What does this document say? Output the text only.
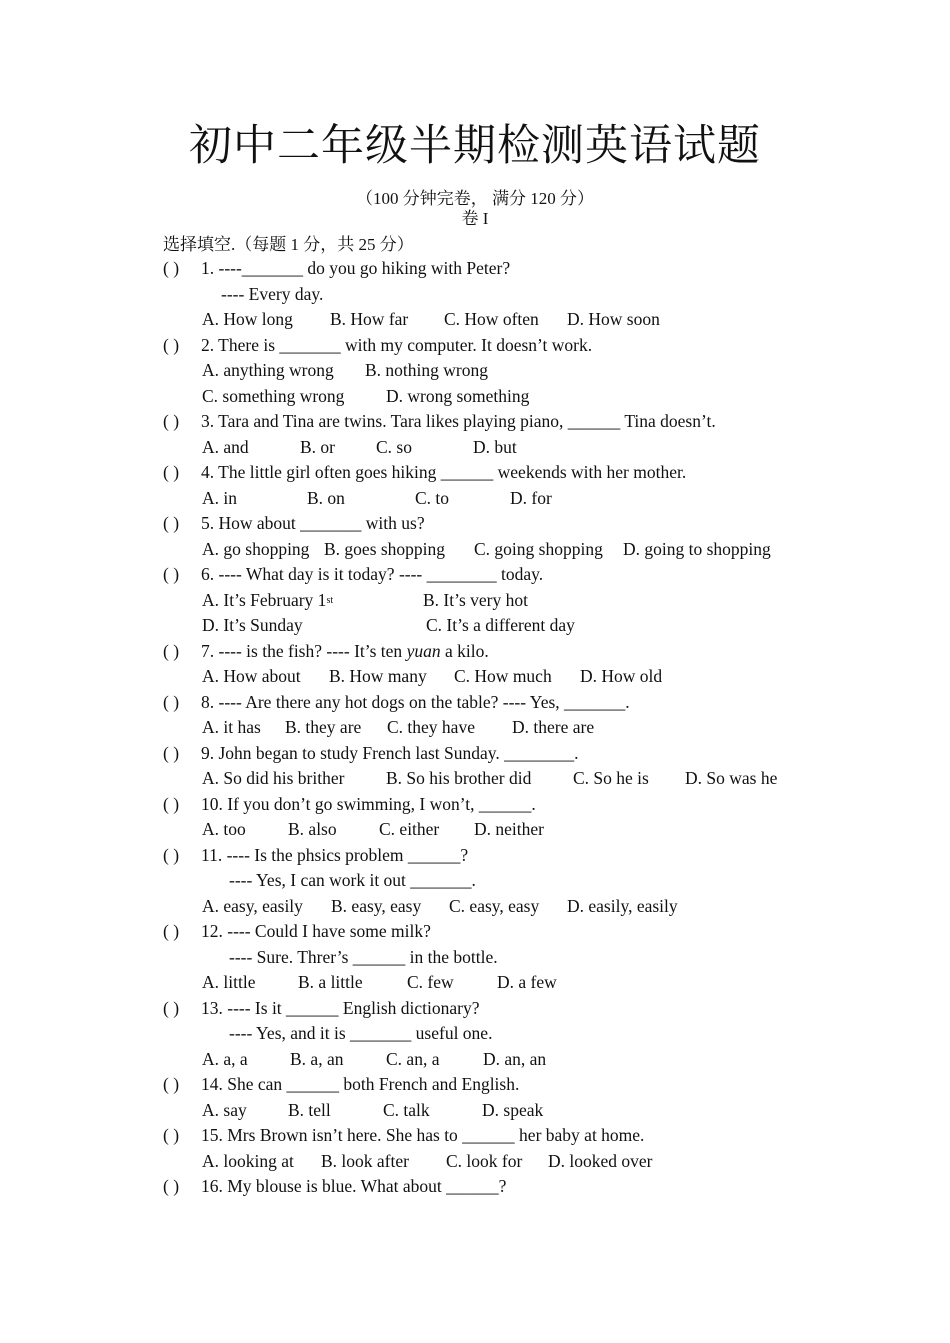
初中二年级半期检测英语试题
（100 分钟完卷， 满分 120 分）
卷 I
选择填空.（每题 1 分，共 25 分）
( ) 1. ----_______ do you go hiking with Peter?
---- Every day.
A. How long B. How far C. How often D. How soon
( ) 2. There is _______ with my computer. It doesn’t work.
A. anything wrong B. nothing wrong
C. something wrong D. wrong something
( ) 3. Tara and Tina are twins. Tara likes playing piano, ______ Tina doesn’t.
A. and	B. or C. so	D. but
( ) 4. The little girl often goes hiking ______ weekends with her mother.
A. in	B. on	C. to	D. for
( ) 5. How about _______ with us?
A. go shopping B. goes shopping C. going shopping D. going to shopping
( ) 6. ---- What day is it today? ---- ________ today.
A. It’s February 1st	B. It’s very hot
D. It’s Sunday	C. It’s a different day
( ) 7. ---- is the fish? ---- It’s ten yuan a kilo.
A. How about B. How many C. How much D. How old
( ) 8. ---- Are there any hot dogs on the table? ---- Yes, _______.
A. it has B. they are C. they have D. there are
( ) 9. John began to study French last Sunday. ________.
A. So did his brither B. So his brother did C. So he is D. So was he
( ) 10. If you don’t go swimming, I won’t, ______.
A. too B. also C. either D. neither
( ) 11. ---- Is the phsics problem ______?
---- Yes, I can work it out _______.
A. easy, easily B. easy, easy C. easy, easy D. easily, easily
( ) 12. ---- Could I have some milk?
---- Sure. Threr’s ______ in the bottle.
A. little B. a little	C. few D. a few
( ) 13. ---- Is it ______ English dictionary?
---- Yes, and it is _______ useful one.
A. a, a B. a, an C. an, a D. an, an
( ) 14. She can ______ both French and English.
A. say B. tell	C. talk	D. speak
( ) 15. Mrs Brown isn’t here. She has to ______ her baby at home.
A. looking at B. look after C. look for D. looked over
( ) 16. My blouse is blue. What about ______?
